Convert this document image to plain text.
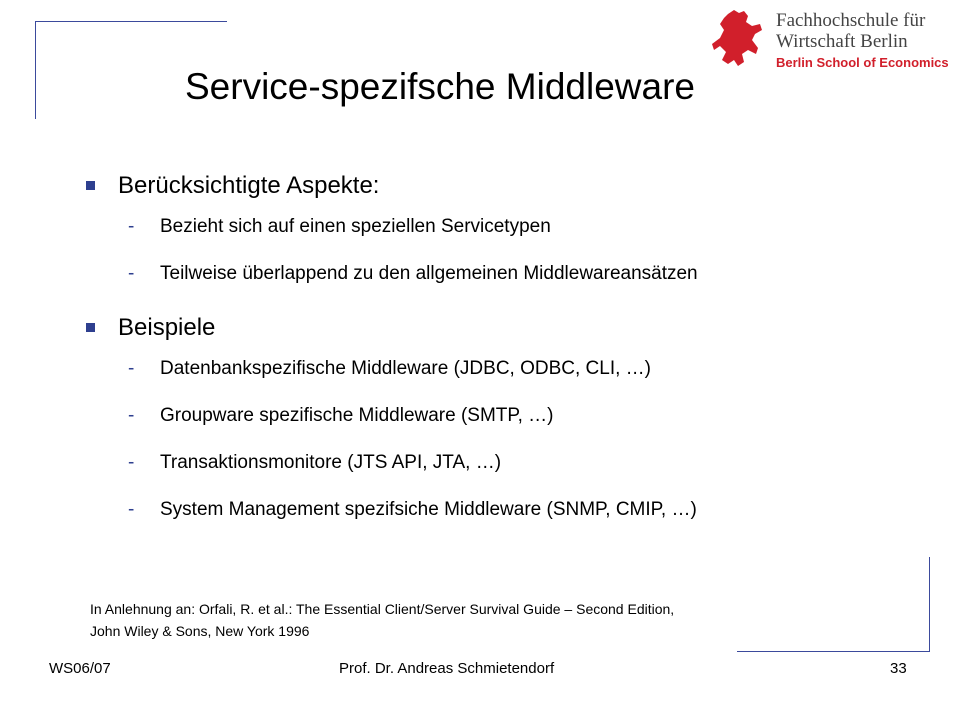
Fachhochschule für
Wirtschaft Berlin
Berlin School of Economics
Service-spezifsche Middleware
Berücksichtigte Aspekte:
- Bezieht sich auf einen speziellen Servicetypen
- Teilweise überlappend zu den allgemeinen Middlewareansätzen
Beispiele
- Datenbankspezifische Middleware (JDBC, ODBC, CLI, …)
- Groupware spezifische Middleware (SMTP, …)
- Transaktionsmonitore (JTS API, JTA, …)
- System Management spezifsiche Middleware (SNMP, CMIP, …)
In Anlehnung an: Orfali, R. et al.: The Essential Client/Server Survival Guide – Second Edition,
John Wiley & Sons, New York 1996
WS06/07	Prof. Dr. Andreas Schmietendorf	33
